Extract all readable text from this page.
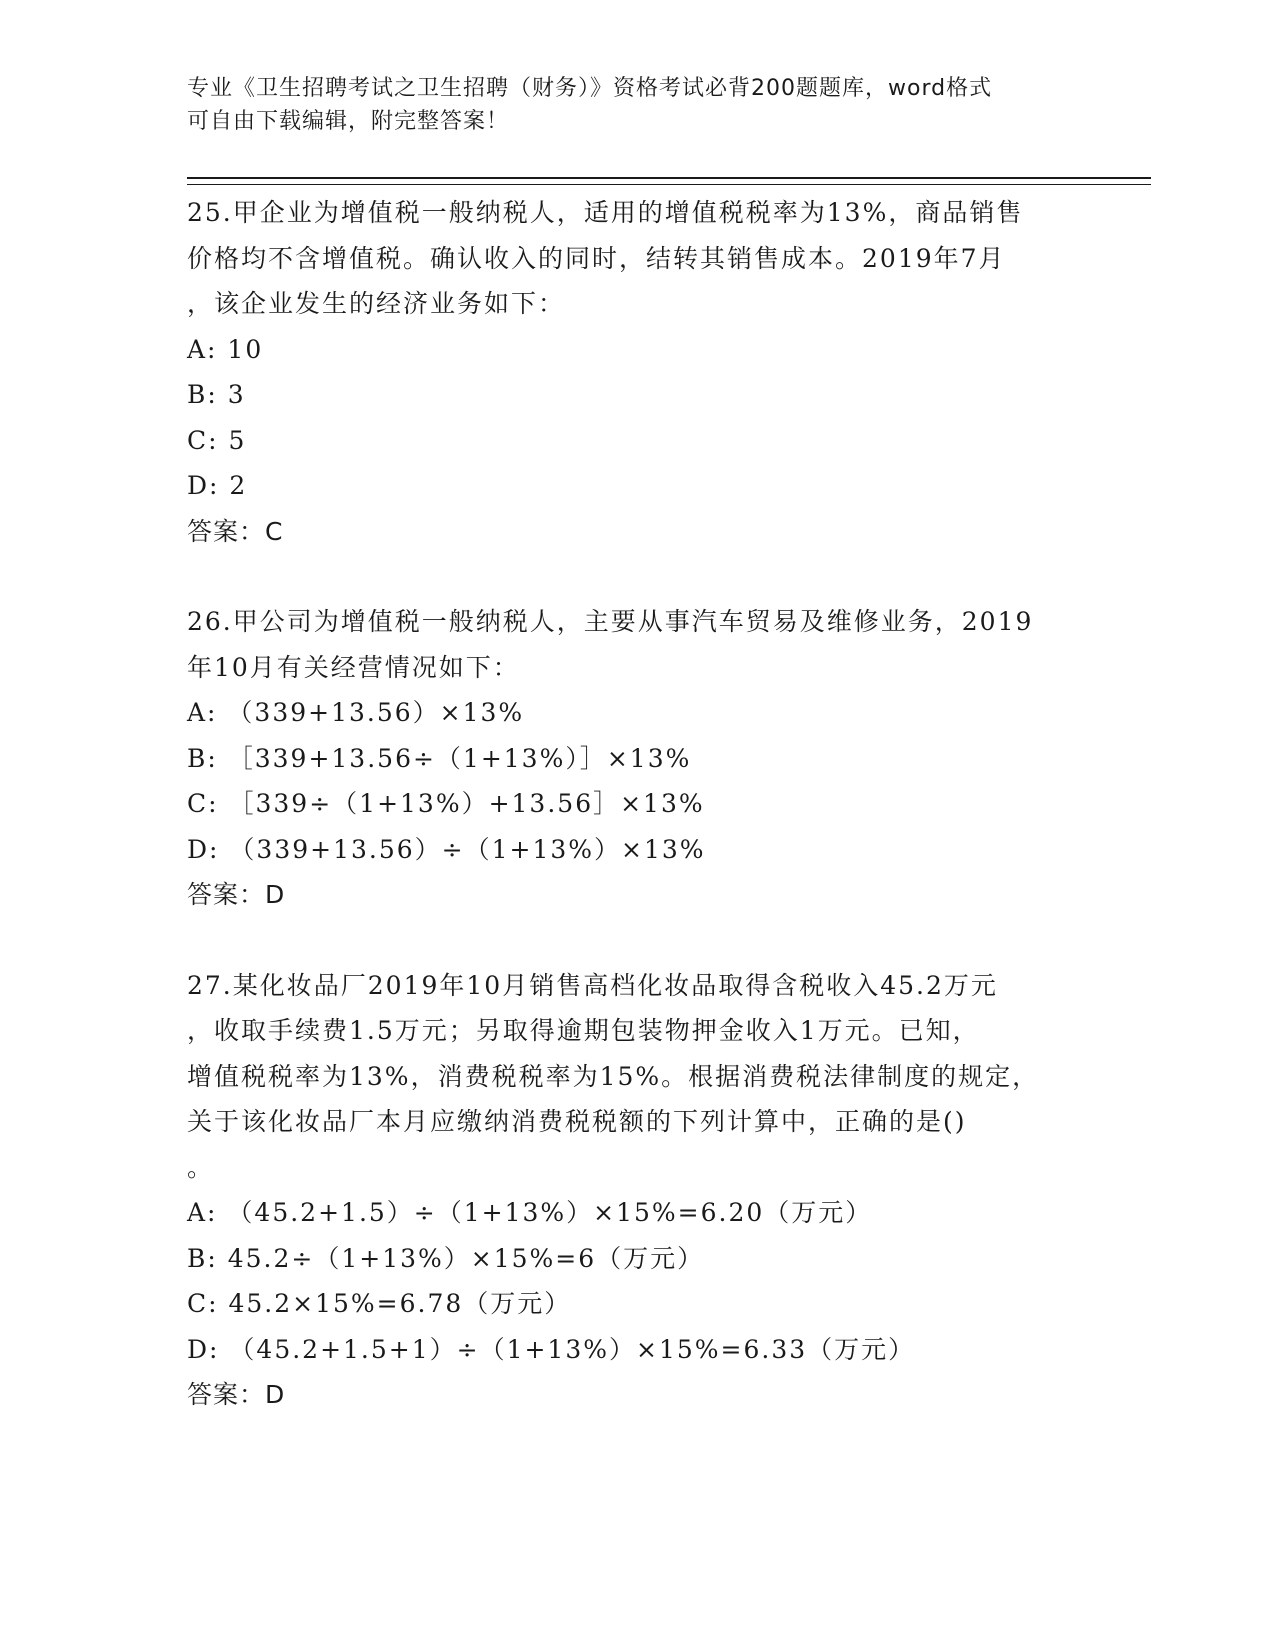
专业《卫生招聘考试之卫生招聘（财务）》资格考试必背200题题库，word格式
可自由下载编辑，附完整答案！
25.甲企业为增值税一般纳税人，适用的增值税税率为13%，商品销售
价格均不含增值税。确认收入的同时，结转其销售成本。2019年7月
，该企业发生的经济业务如下：
A: 10
B: 3
C: 5
D: 2
答案：C
26.甲公司为增值税一般纳税人，主要从事汽车贸易及维修业务，2019
年10月有关经营情况如下：
A: （339+13.56）×13%
B: ［339+13.56÷（1+13%）］×13%
C: ［339÷（1+13%）+13.56］×13%
D: （339+13.56）÷（1+13%）×13%
答案：D
27.某化妆品厂2019年10月销售高档化妆品取得含税收入45.2万元
，收取手续费1.5万元；另取得逾期包装物押金收入1万元。已知，
增值税税率为13%，消费税税率为15%。根据消费税法律制度的规定，
关于该化妆品厂本月应缴纳消费税税额的下列计算中，正确的是()
。
A: （45.2+1.5）÷（1+13%）×15%=6.20（万元）
B: 45.2÷（1+13%）×15%=6（万元）
C: 45.2×15%=6.78（万元）
D: （45.2+1.5+1）÷（1+13%）×15%=6.33（万元）
答案：D
